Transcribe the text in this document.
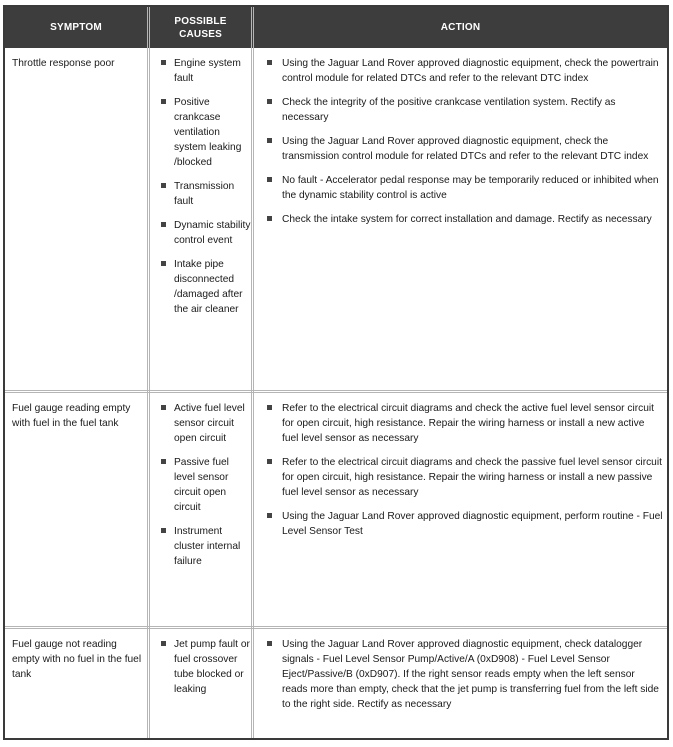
SYMPTOM
POSSIBLE
CAUSES
ACTION
Throttle response poor	Engine system fault
Positive crankcase ventilation system leaking /blocked
Transmission fault
Dynamic stability control event
Intake pipe disconnected /damaged after the air cleaner
Using the Jaguar Land Rover approved diagnostic equipment, check the powertrain control module for related DTCs and refer to the relevant DTC index
Check the integrity of the positive crankcase ventilation system. Rectify as necessary
Using the Jaguar Land Rover approved diagnostic equipment, check the transmission control module for related DTCs and refer to the relevant DTC index
No fault - Accelerator pedal response may be temporarily reduced or inhibited when the dynamic stability control is active
Check the intake system for correct installation and damage. Rectify as necessary
Fuel gauge reading empty with fuel in the fuel tank
Active fuel level sensor circuit open circuit
Passive fuel level sensor circuit open circuit
Instrument cluster internal failure
Refer to the electrical circuit diagrams and check the active fuel level sensor circuit for open circuit, high resistance. Repair the wiring harness or install a new active fuel level sensor as necessary
Refer to the electrical circuit diagrams and check the passive fuel level sensor circuit for open circuit, high resistance. Repair the wiring harness or install a new passive fuel level sensor as necessary
Using the Jaguar Land Rover approved diagnostic equipment, perform routine - Fuel Level Sensor Test
Fuel gauge not reading empty with no fuel in the fuel tank
Jet pump fault or fuel crossover tube blocked or leaking
Using the Jaguar Land Rover approved diagnostic equipment, check datalogger signals - Fuel Level Sensor Pump/Active/A (0xD908) - Fuel Level Sensor Eject/Passive/B (0xD907). If the right sensor reads empty when the left sensor reads more than empty, check that the jet pump is transferring fuel from the left side to the right side. Rectify as necessary
